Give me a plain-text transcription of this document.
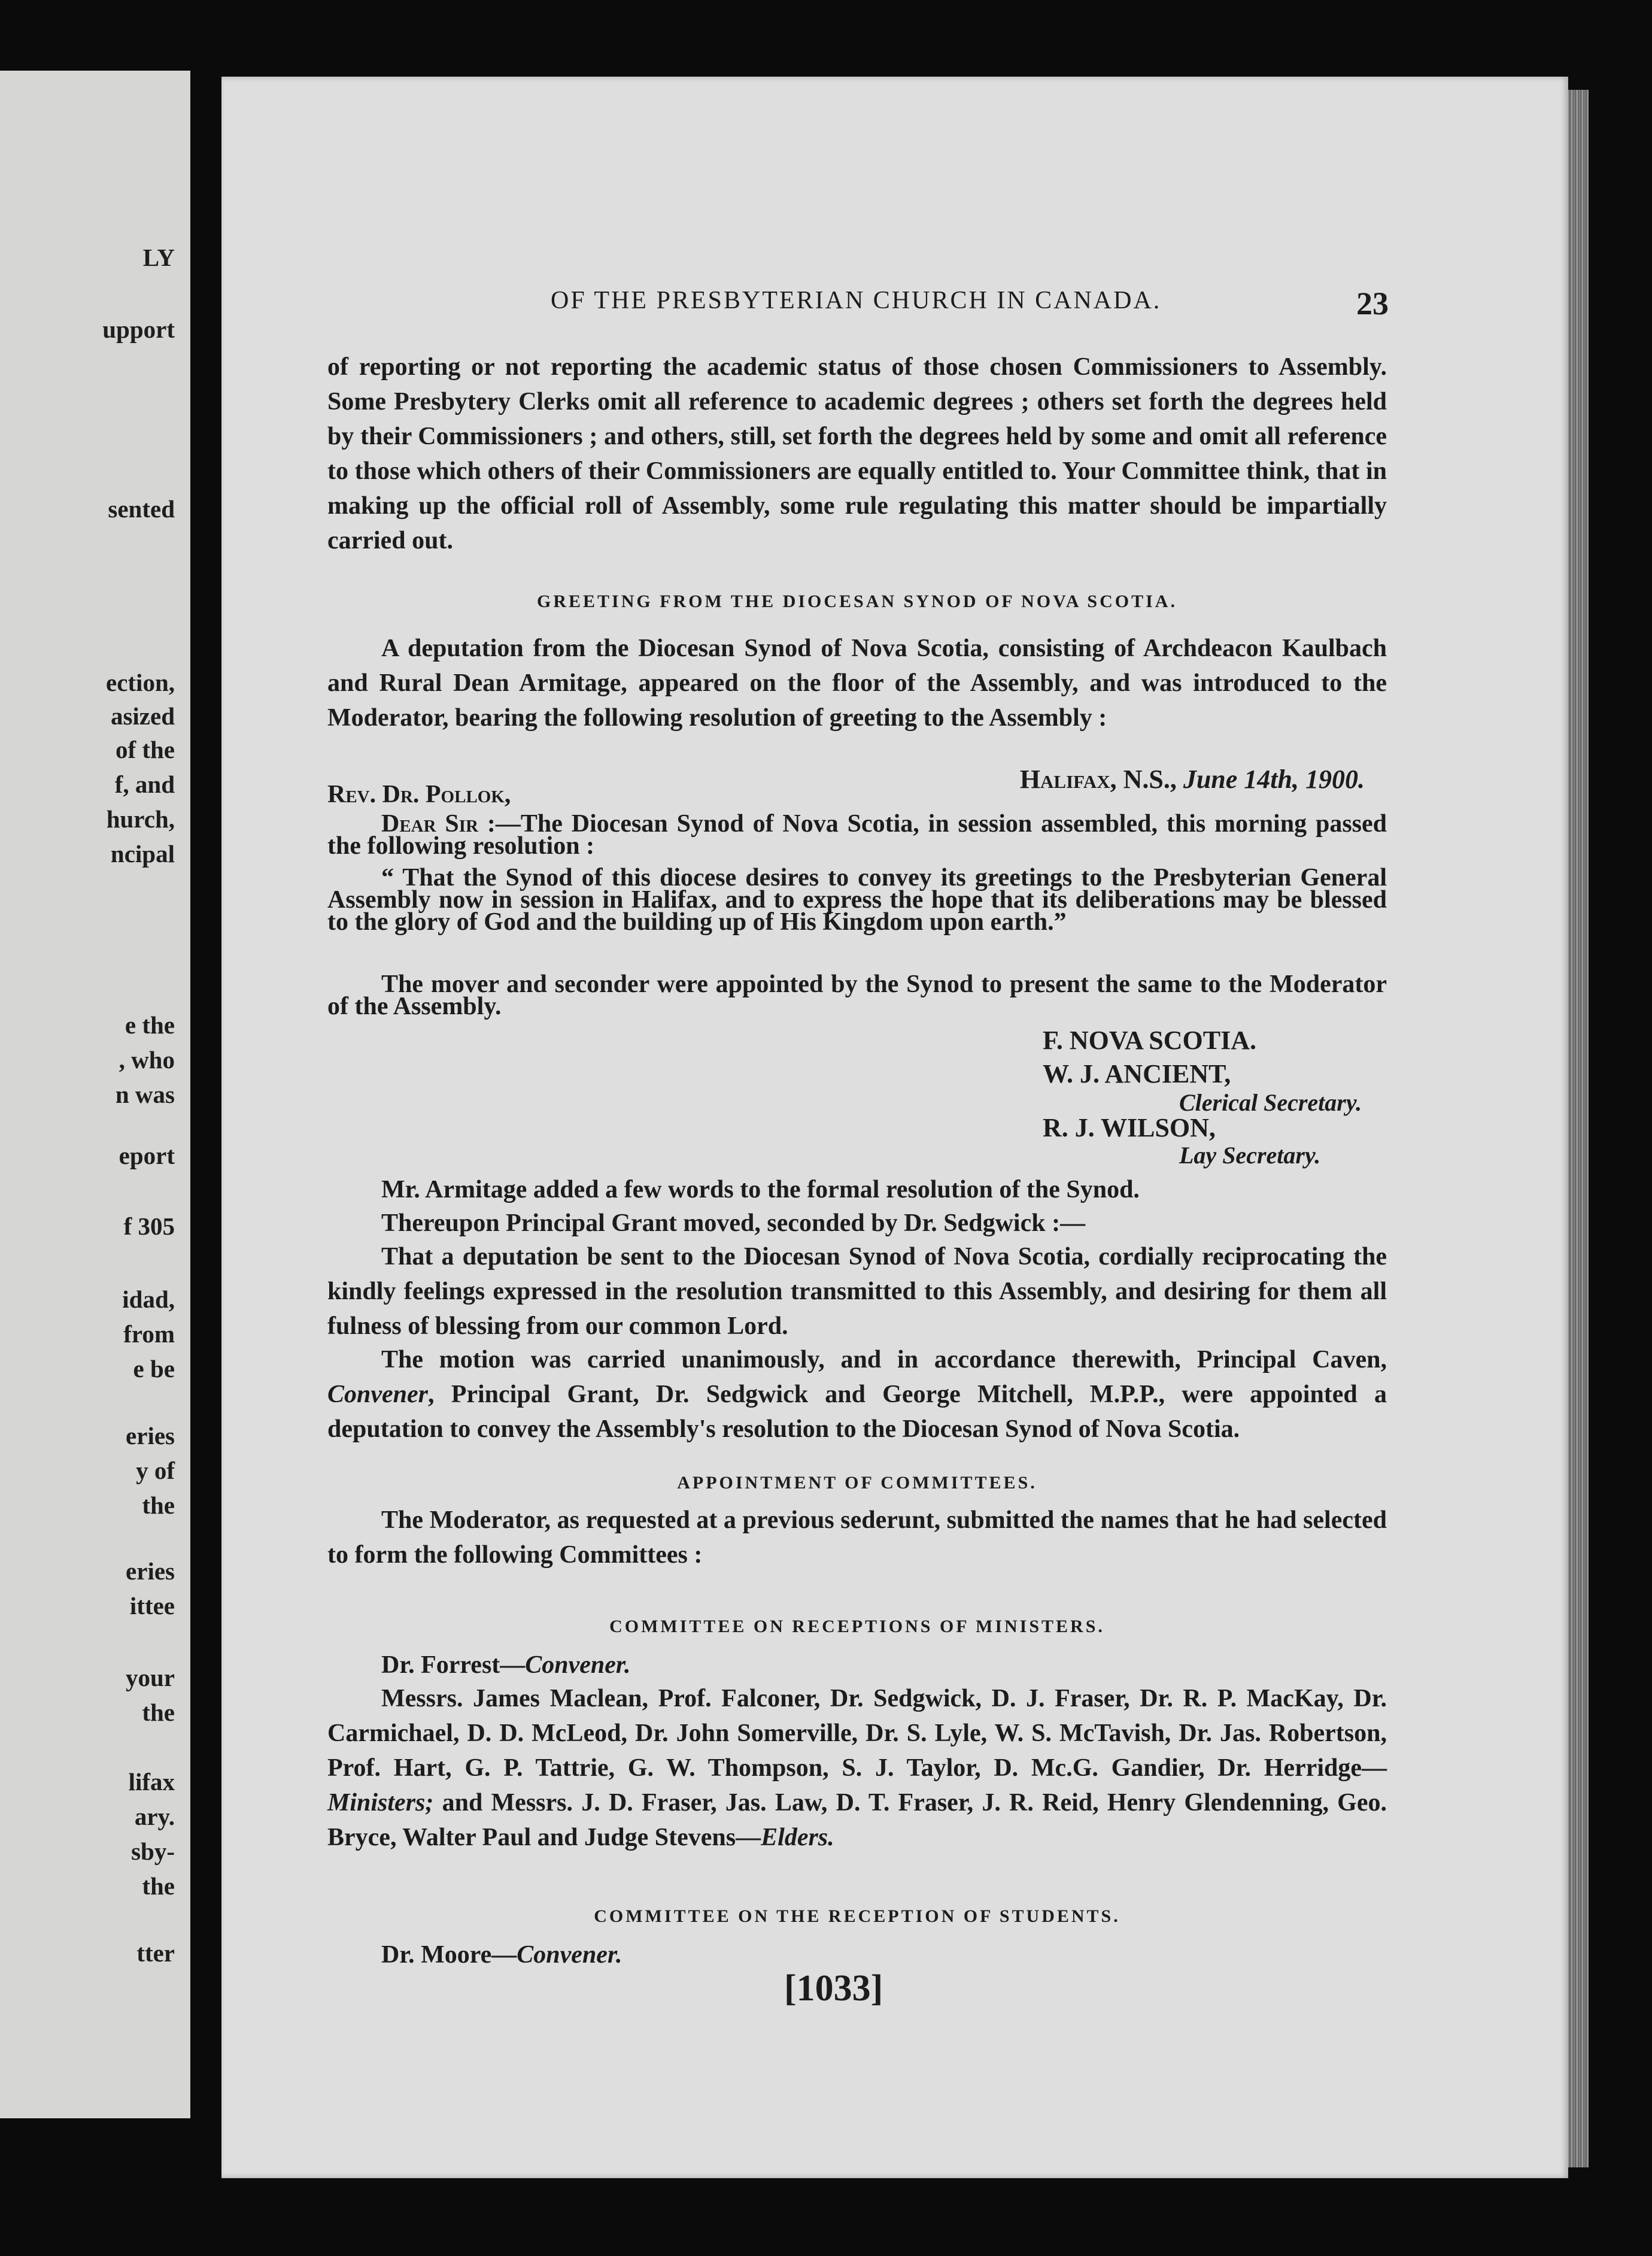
LY
upport
sented
ection,
asized
of the
f, and
hurch,
ncipal
e the
, who
n was
eport
f 305
idad,
from
e be
eries
y of
the
eries
ittee
your
the
lifax
ary.
sby-
the
tter
OF THE PRESBYTERIAN CHURCH IN CANADA.	23

of reporting or not reporting the academic status of those chosen Commissioners to Assembly. Some Presbytery Clerks omit all reference to academic degrees ; others set forth the degrees held by their Commissioners ; and others, still, set forth the degrees held by some and omit all reference to those which others of their Commissioners are equally entitled to. Your Committee think, that in making up the official roll of Assembly, some rule regulating this matter should be impartially carried out.

GREETING FROM THE DIOCESAN SYNOD OF NOVA SCOTIA.

A deputation from the Diocesan Synod of Nova Scotia, consisting of Archdeacon Kaulbach and Rural Dean Armitage, appeared on the floor of the Assembly, and was introduced to the Moderator, bearing the following resolution of greeting to the Assembly :

Halifax, N.S., June 14th, 1900.

Rev. Dr. Pollok,

Dear Sir :—The Diocesan Synod of Nova Scotia, in session assembled, this morning passed the following resolution :

“ That the Synod of this diocese desires to convey its greetings to the Presbyterian General Assembly now in session in Halifax, and to express the hope that its deliberations may be blessed to the glory of God and the building up of His Kingdom upon earth.”

The mover and seconder were appointed by the Synod to present the same to the Moderator of the Assembly.

F. NOVA SCOTIA.
W. J. ANCIENT,
Clerical Secretary.
R. J. WILSON,
Lay Secretary.

Mr. Armitage added a few words to the formal resolution of the Synod.

Thereupon Principal Grant moved, seconded by Dr. Sedgwick :—

That a deputation be sent to the Diocesan Synod of Nova Scotia, cordially reciprocating the kindly feelings expressed in the resolution transmitted to this Assembly, and desiring for them all fulness of blessing from our common Lord.

The motion was carried unanimously, and in accordance therewith, Principal Caven, Convener, Principal Grant, Dr. Sedgwick and George Mitchell, M.P.P., were appointed a deputation to convey the Assembly's resolution to the Diocesan Synod of Nova Scotia.

APPOINTMENT OF COMMITTEES.

The Moderator, as requested at a previous sederunt, submitted the names that he had selected to form the following Committees :

COMMITTEE ON RECEPTIONS OF MINISTERS.

Dr. Forrest—Convener.

Messrs. James Maclean, Prof. Falconer, Dr. Sedgwick, D. J. Fraser, Dr. R. P. MacKay, Dr. Carmichael, D. D. McLeod, Dr. John Somerville, Dr. S. Lyle, W. S. McTavish, Dr. Jas. Robertson, Prof. Hart, G. P. Tattrie, G. W. Thompson, S. J. Taylor, D. Mc.G. Gandier, Dr. Herridge—Ministers; and Messrs. J. D. Fraser, Jas. Law, D. T. Fraser, J. R. Reid, Henry Glendenning, Geo. Bryce, Walter Paul and Judge Stevens—Elders.

COMMITTEE ON THE RECEPTION OF STUDENTS.

Dr. Moore—Convener.

[1033]
